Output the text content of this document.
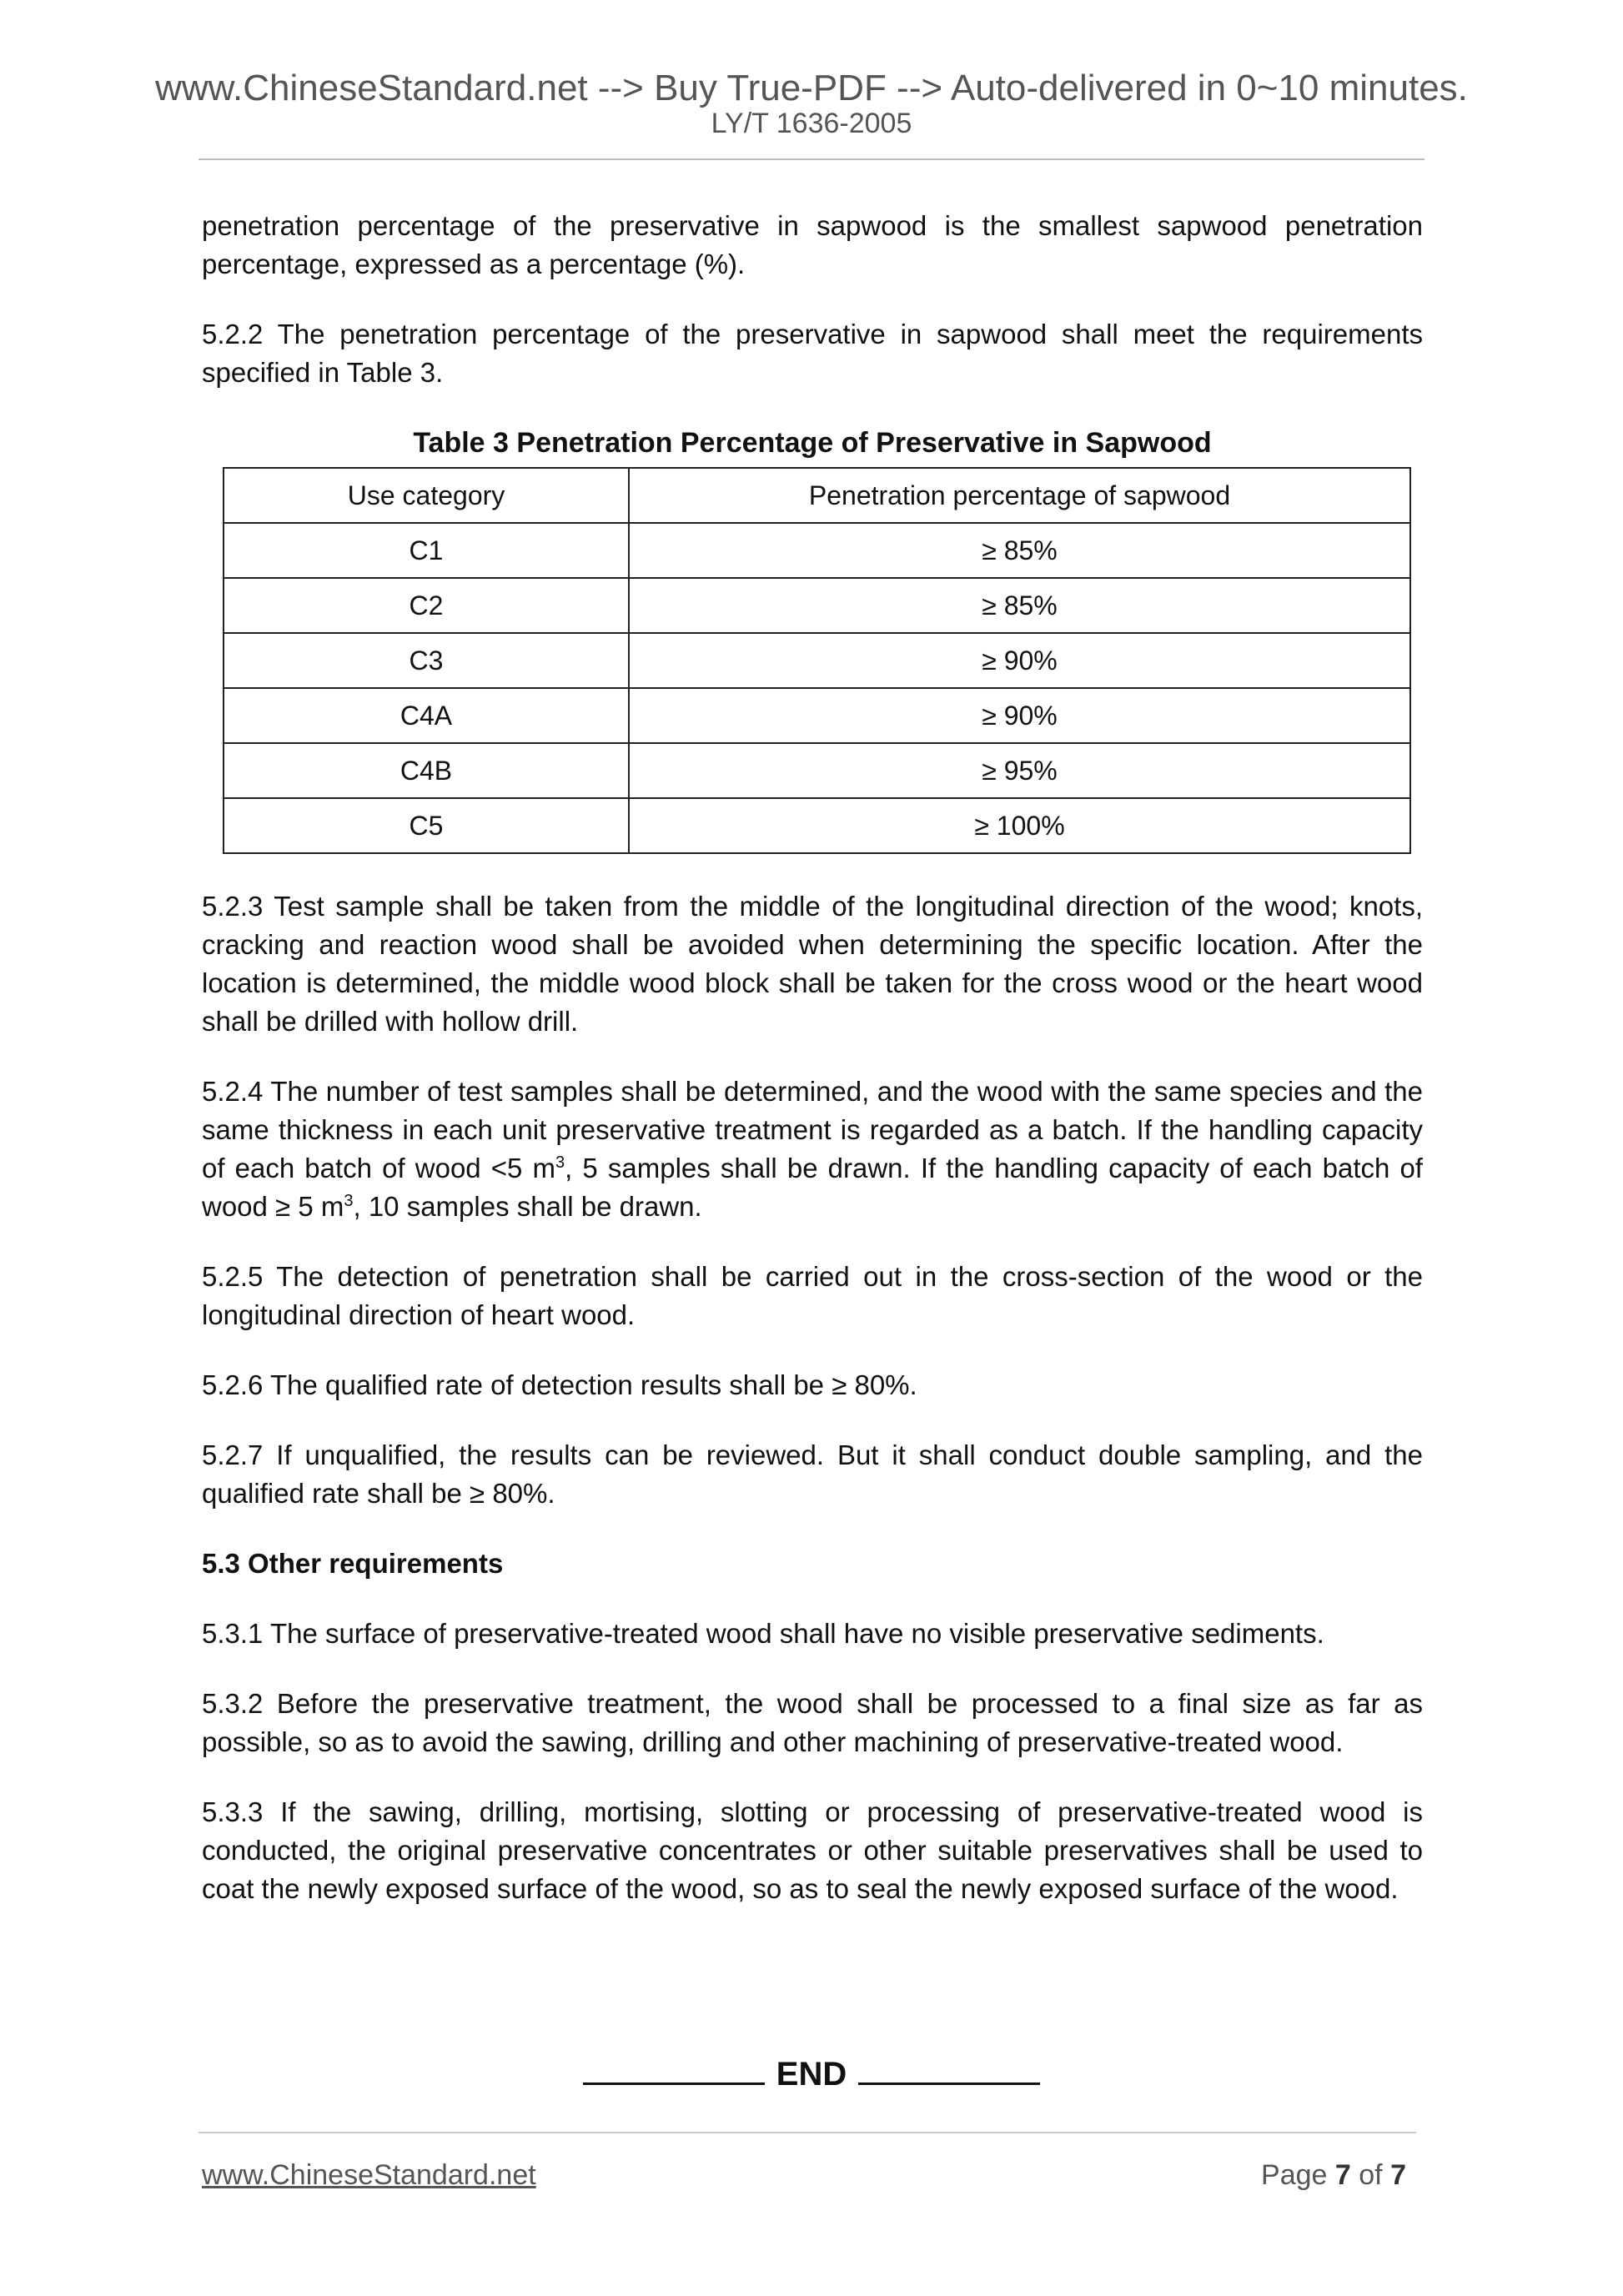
www.ChineseStandard.net --> Buy True-PDF --> Auto-delivered in 0~10 minutes.
LY/T 1636-2005

penetration percentage of the preservative in sapwood is the smallest sapwood penetration percentage, expressed as a percentage (%).

5.2.2 The penetration percentage of the preservative in sapwood shall meet the requirements specified in Table 3.

Table 3 Penetration Percentage of Preservative in Sapwood
Use category	Penetration percentage of sapwood
C1	≥ 85%
C2	≥ 85%
C3	≥ 90%
C4A	≥ 90%
C4B	≥ 95%
C5	≥ 100%

5.2.3 Test sample shall be taken from the middle of the longitudinal direction of the wood; knots, cracking and reaction wood shall be avoided when determining the specific location. After the location is determined, the middle wood block shall be taken for the cross wood or the heart wood shall be drilled with hollow drill.

5.2.4 The number of test samples shall be determined, and the wood with the same species and the same thickness in each unit preservative treatment is regarded as a batch. If the handling capacity of each batch of wood <5 $m^3$, 5 samples shall be drawn. If the handling capacity of each batch of wood ≥ 5 $m^3$, 10 samples shall be drawn.

5.2.5 The detection of penetration shall be carried out in the cross-section of the wood or the longitudinal direction of heart wood.

5.2.6 The qualified rate of detection results shall be ≥ 80%.

5.2.7 If unqualified, the results can be reviewed. But it shall conduct double sampling, and the qualified rate shall be ≥ 80%.

5.3 Other requirements

5.3.1 The surface of preservative-treated wood shall have no visible preservative sediments.

5.3.2 Before the preservative treatment, the wood shall be processed to a final size as far as possible, so as to avoid the sawing, drilling and other machining of preservative-treated wood.

5.3.3 If the sawing, drilling, mortising, slotting or processing of preservative-treated wood is conducted, the original preservative concentrates or other suitable preservatives shall be used to coat the newly exposed surface of the wood, so as to seal the newly exposed surface of the wood.

END
www.ChineseStandard.net	Page 7 of 7
